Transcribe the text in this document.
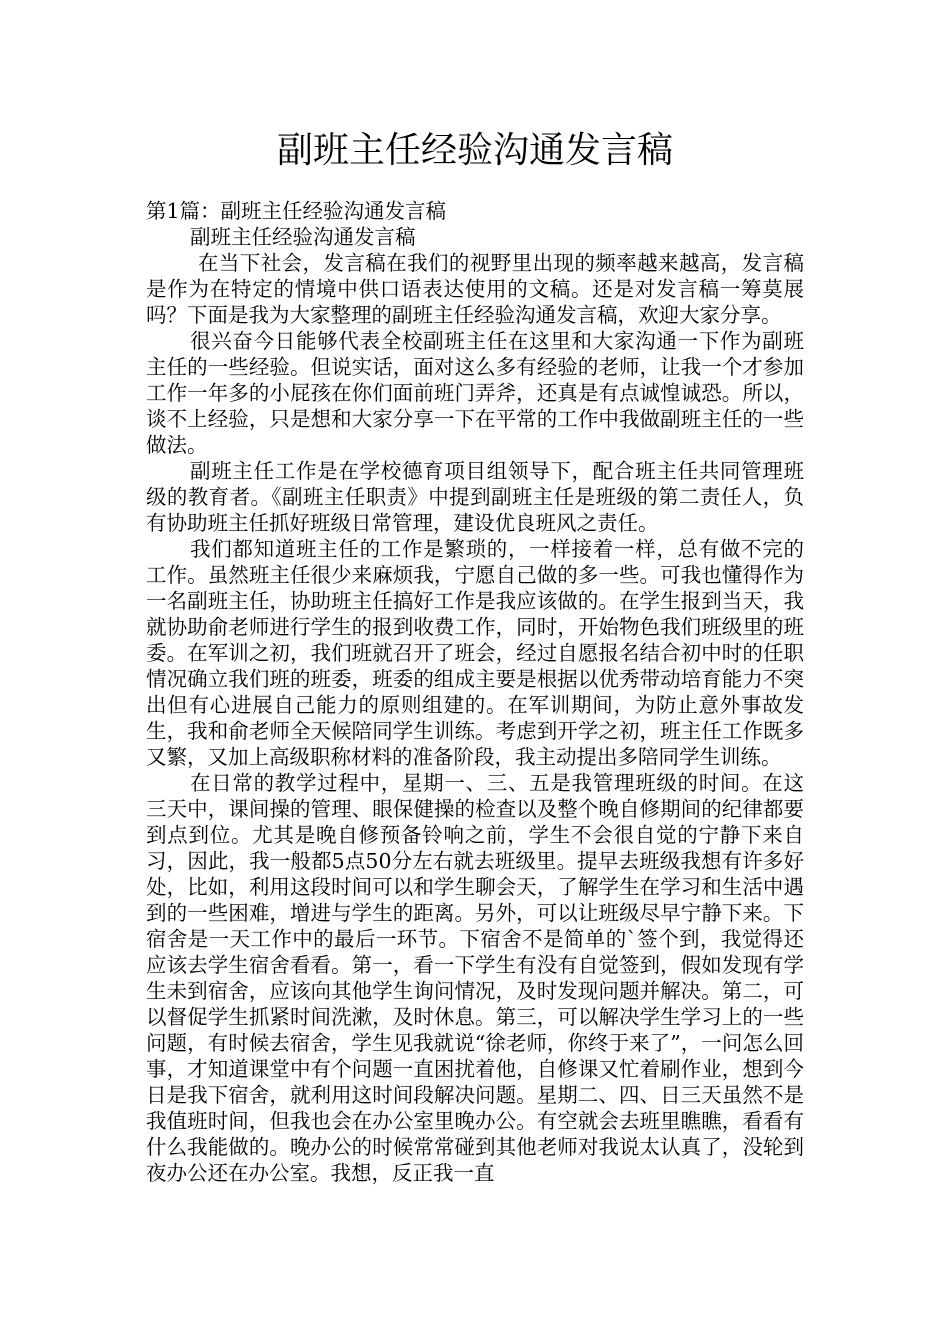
副班主任经验沟通发言稿

第1篇：副班主任经验沟通发言稿

副班主任经验沟通发言稿

在当下社会，发言稿在我们的视野里出现的频率越来越高，发言稿是作为在特定的情境中供口语表达使用的文稿。还是对发言稿一筹莫展吗？下面是我为大家整理的副班主任经验沟通发言稿，欢迎大家分享。

很兴奋今日能够代表全校副班主任在这里和大家沟通一下作为副班主任的一些经验。但说实话，面对这么多有经验的老师，让我一个才参加工作一年多的小屁孩在你们面前班门弄斧，还真是有点诚惶诚恐。所以，谈不上经验，只是想和大家分享一下在平常的工作中我做副班主任的一些做法。

副班主任工作是在学校德育项目组领导下，配合班主任共同管理班级的教育者。《副班主任职责》中提到副班主任是班级的第二责任人，负有协助班主任抓好班级日常管理，建设优良班风之责任。

我们都知道班主任的工作是繁琐的，一样接着一样，总有做不完的工作。虽然班主任很少来麻烦我，宁愿自己做的多一些。可我也懂得作为一名副班主任，协助班主任搞好工作是我应该做的。在学生报到当天，我就协助俞老师进行学生的报到收费工作，同时，开始物色我们班级里的班委。在军训之初，我们班就召开了班会，经过自愿报名结合初中时的任职情况确立我们班的班委，班委的组成主要是根据以优秀带动培育能力不突出但有心进展自己能力的原则组建的。在军训期间，为防止意外事故发生，我和俞老师全天候陪同学生训练。考虑到开学之初，班主任工作既多又繁，又加上高级职称材料的准备阶段，我主动提出多陪同学生训练。

在日常的教学过程中，星期一、三、五是我管理班级的时间。在这三天中，课间操的管理、眼保健操的检查以及整个晚自修期间的纪律都要到点到位。尤其是晚自修预备铃响之前，学生不会很自觉的宁静下来自习，因此，我一般都5点50分左右就去班级里。提早去班级我想有许多好处，比如，利用这段时间可以和学生聊会天，了解学生在学习和生活中遇到的一些困难，增进与学生的距离。另外，可以让班级尽早宁静下来。下宿舍是一天工作中的最后一环节。下宿舍不是简单的`签个到，我觉得还应该去学生宿舍看看。第一，看一下学生有没有自觉签到，假如发现有学生未到宿舍，应该向其他学生询问情况，及时发现问题并解决。第二，可以督促学生抓紧时间洗漱，及时休息。第三，可以解决学生学习上的一些问题，有时候去宿舍，学生见我就说“徐老师，你终于来了”，一问怎么回事，才知道课堂中有个问题一直困扰着他，自修课又忙着刷作业，想到今日是我下宿舍，就利用这时间段解决问题。星期二、四、日三天虽然不是我值班时间，但我也会在办公室里晚办公。有空就会去班里瞧瞧，看看有什么我能做的。晚办公的时候常常碰到其他老师对我说太认真了，没轮到夜办公还在办公室。我想，反正我一直
